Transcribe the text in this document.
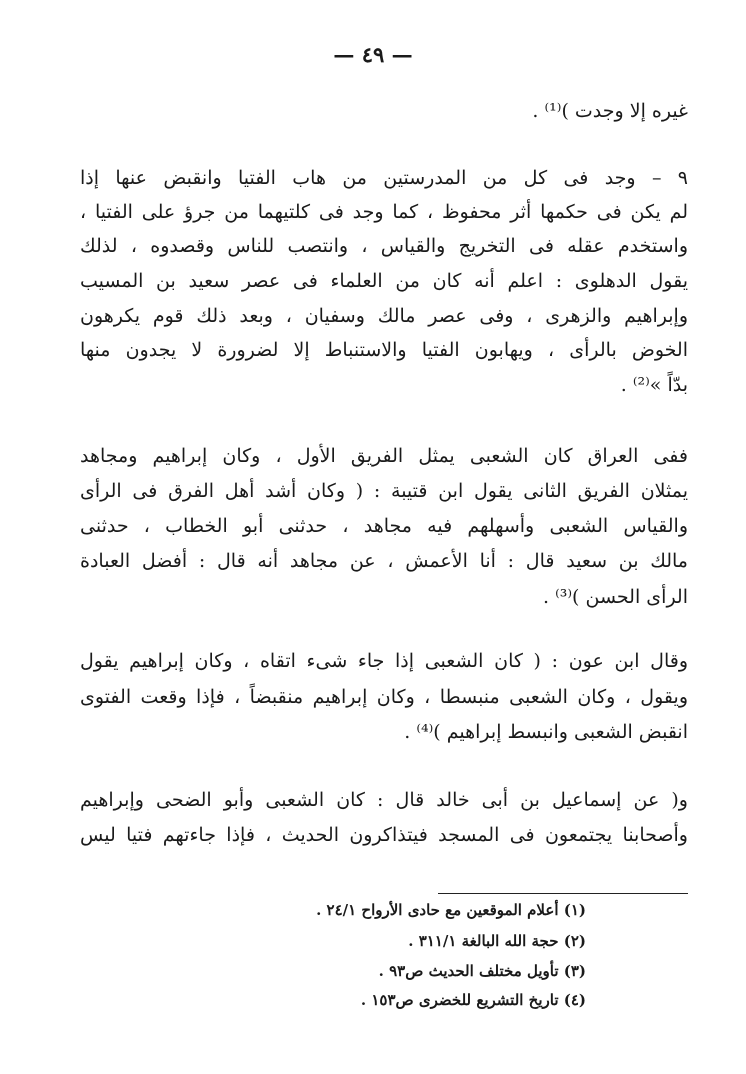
— ٤٩ —
غيره إلا وجدت )⁽¹⁾ .
٩ – وجد فى كل من المدرستين من هاب الفتيا وانقبض عنها إذا
لم يكن فى حكمها أثر محفوظ ، كما وجد فى كلتيهما من جرؤ على الفتيا ،
واستخدم عقله فى التخريج والقياس ، وانتصب للناس وقصدوه ، لذلك
يقول الدهلوى : اعلم أنه كان من العلماء فى عصر سعيد بن المسيب
وإبراهيم والزهرى ، وفى عصر مالك وسفيان ، وبعد ذلك قوم يكرهون
الخوض بالرأى ، ويهابون الفتيا والاستنباط إلا لضرورة لا يجدون منها
بدّاً »⁽²⁾ .
ففى العراق كان الشعبى يمثل الفريق الأول ، وكان إبراهيم ومجاهد
يمثلان الفريق الثانى يقول ابن قتيبة : ( وكان أشد أهل الفرق فى الرأى
والقياس الشعبى وأسهلهم فيه مجاهد ، حدثنى أبو الخطاب ، حدثنى
مالك بن سعيد قال : أنا الأعمش ، عن مجاهد أنه قال : أفضل العبادة
الرأى الحسن )⁽³⁾ .
وقال ابن عون : ( كان الشعبى إذا جاء شىء اتقاه ، وكان إبراهيم يقول
ويقول ، وكان الشعبى منبسطا ، وكان إبراهيم منقبضاً ، فإذا وقعت الفتوى
انقبض الشعبى وانبسط إبراهيم )⁽⁴⁾ .
و( عن إسماعيل بن أبى خالد قال : كان الشعبى وأبو الضحى وإبراهيم
وأصحابنا يجتمعون فى المسجد فيتذاكرون الحديث ، فإذا جاءتهم فتيا ليس
(١) أعلام الموقعين مع حادى الأرواح ٢٤/١ .
(٢) حجة الله البالغة ٣١١/١ .
(٣) تأويل مختلف الحديث ص٩٣ .
(٤) تاريخ التشريع للخضرى ص١٥٣ .
